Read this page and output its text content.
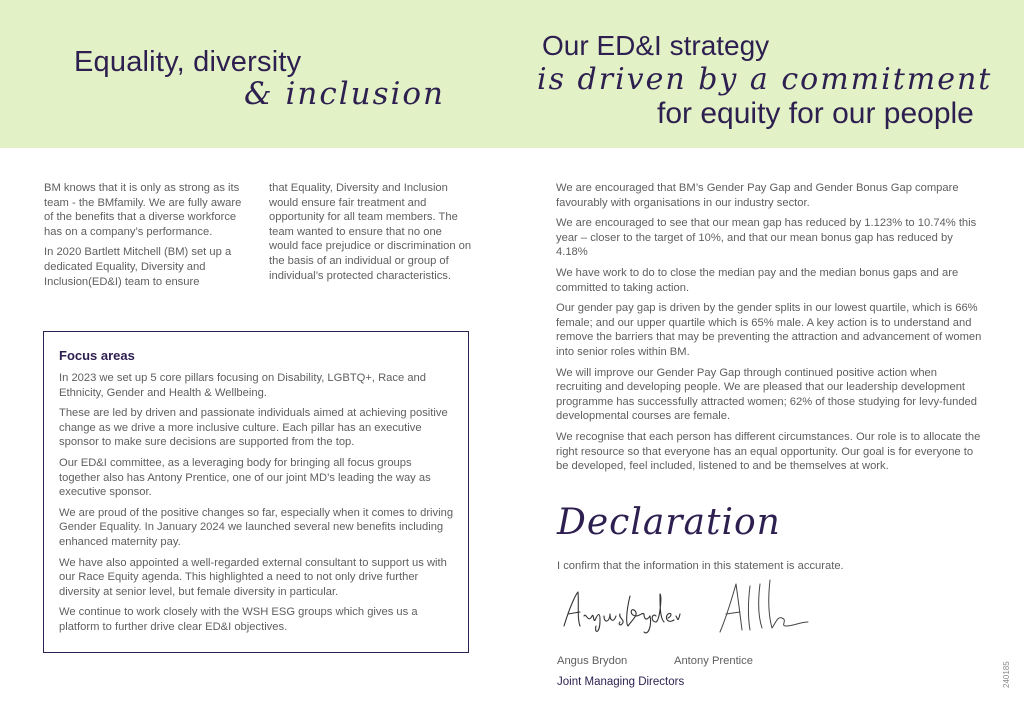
Equality, diversity
& inclusion
Our ED&I strategy
is driven by a commitment
for equity for our people

BM knows that it is only as strong as its team - the BMfamily. We are fully aware of the benefits that a diverse workforce has on a company’s performance.

In 2020 Bartlett Mitchell (BM) set up a dedicated Equality, Diversity and Inclusion(ED&I) team to ensure

that Equality, Diversity and Inclusion would ensure fair treatment and opportunity for all team members. The team wanted to ensure that no one would face prejudice or discrimination on the basis of an individual or group of individual’s protected characteristics.

Focus areas

In 2023 we set up 5 core pillars focusing on Disability, LGBTQ+, Race and Ethnicity, Gender and Health & Wellbeing.

These are led by driven and passionate individuals aimed at achieving positive change as we drive a more inclusive culture. Each pillar has an executive sponsor to make sure decisions are supported from the top.

Our ED&I committee, as a leveraging body for bringing all focus groups together also has Antony Prentice, one of our joint MD’s leading the way as executive sponsor.

We are proud of the positive changes so far, especially when it comes to driving Gender Equality. In January 2024 we launched several new benefits including enhanced maternity pay.

We have also appointed a well-regarded external consultant to support us with our Race Equity agenda. This highlighted a need to not only drive further diversity at senior level, but female diversity in particular.

We continue to work closely with the WSH ESG groups which gives us a platform to further drive clear ED&I objectives.

We are encouraged that BM’s Gender Pay Gap and Gender Bonus Gap compare favourably with organisations in our industry sector.

We are encouraged to see that our mean gap has reduced by 1.123% to 10.74% this year – closer to the target of 10%, and that our mean bonus gap has reduced by 4.18%

We have work to do to close the median pay and the median bonus gaps and are committed to taking action.

Our gender pay gap is driven by the gender splits in our lowest quartile, which is 66% female; and our upper quartile which is 65% male. A key action is to understand and remove the barriers that may be preventing the attraction and advancement of women into senior roles within BM.

We will improve our Gender Pay Gap through continued positive action when recruiting and developing people. We are pleased that our leadership development programme has successfully attracted women; 62% of those studying for levy-funded developmental courses are female.

We recognise that each person has different circumstances. Our role is to allocate the right resource so that everyone has an equal opportunity. Our goal is for everyone to be developed, feel included, listened to and be themselves at work.

Declaration
I confirm that the information in this statement is accurate.
Angus Brydon	Antony Prentice
Joint Managing Directors	240185
